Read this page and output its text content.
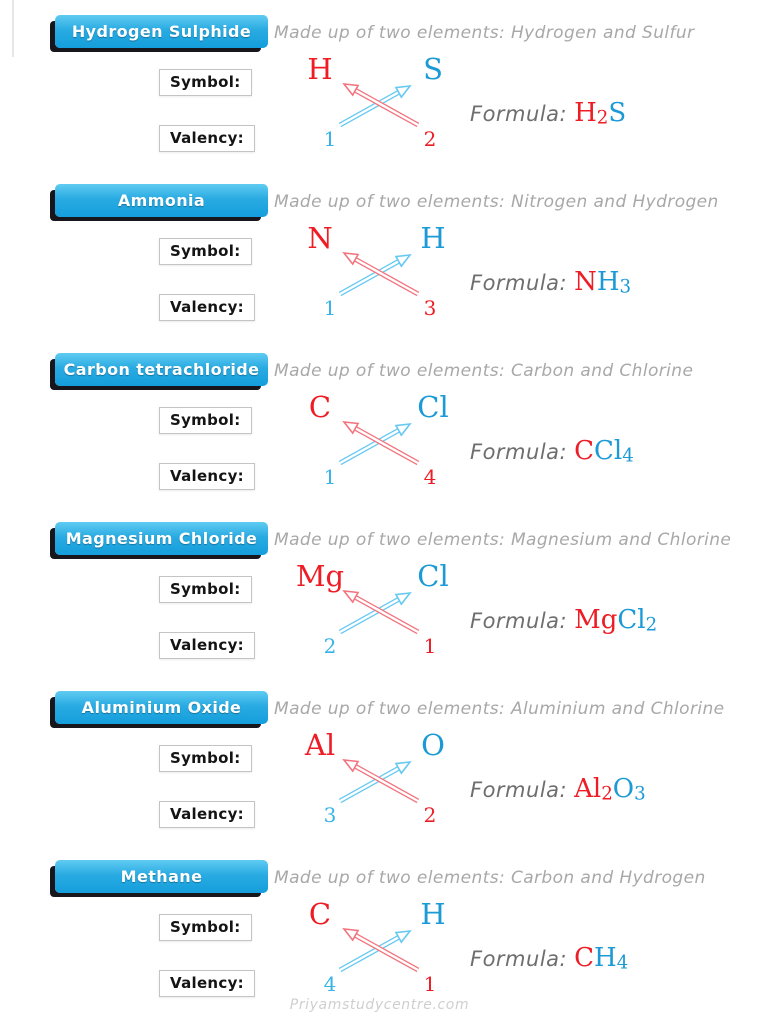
Hydrogen Sulphide Made up of two elements: Hydrogen and Sulfur
Symbol:
Valency:
H	S
1	2
Formula: H2S
Ammonia	Made up of two elements: Nitrogen and Hydrogen
Symbol:
Valency:
N	H
1	3
Formula: NH3
Carbon tetrachloride Made up of two elements: Carbon and Chlorine
Symbol:
Valency:
C	Cl
1	4
Formula: CCl4
Magnesium Chloride Made up of two elements: Magnesium and Chlorine
Symbol:
Valency:
Mg	Cl
2	1
Formula: MgCl2
Aluminium Oxide Made up of two elements: Aluminium and Chlorine
Symbol:
Valency:
Al	O
3	2
Formula: Al2O3
Methane	Made up of two elements: Carbon and Hydrogen
Symbol:
Valency:
C	H
4	1
Formula: CH4
Priyamstudycentre.com
